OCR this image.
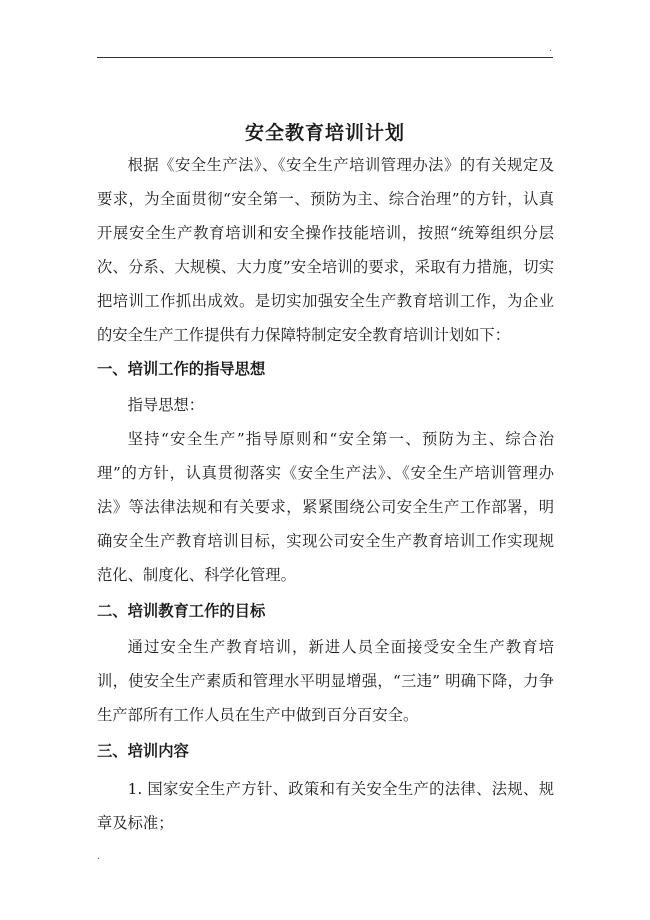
.
安全教育培训计划

根据《安全生产法》、《安全生产培训管理办法》的有关规定及要求，为全面贯彻“安全第一、预防为主、综合治理”的方针，认真开展安全生产教育培训和安全操作技能培训，按照“统筹组织分层次、分系、大规模、大力度”安全培训的要求，采取有力措施，切实把培训工作抓出成效。是切实加强安全生产教育培训工作，为企业的安全生产工作提供有力保障特制定安全教育培训计划如下：

一、培训工作的指导思想

指导思想：

坚持“安全生产”指导原则和“安全第一、预防为主、综合治理”的方针，认真贯彻落实《安全生产法》、《安全生产培训管理办法》等法律法规和有关要求，紧紧围绕公司安全生产工作部署，明确安全生产教育培训目标，实现公司安全生产教育培训工作实现规范化、制度化、科学化管理。

二、培训教育工作的目标

通过安全生产教育培训，新进人员全面接受安全生产教育培训，使安全生产素质和管理水平明显增强，“三违” 明确下降，力争生产部所有工作人员在生产中做到百分百安全。

三、培训内容

1. 国家安全生产方针、政策和有关安全生产的法律、法规、规章及标准；

.
